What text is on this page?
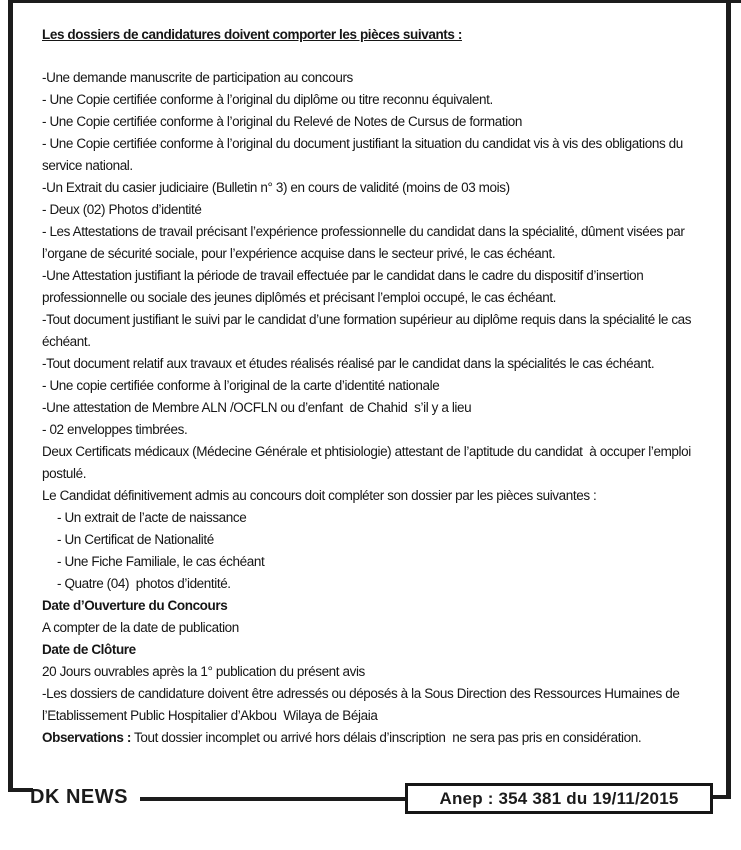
Les dossiers de candidatures doivent comporter les pièces suivants :

-Une demande manuscrite de participation au concours

- Une Copie certifiée conforme à l’original du diplôme ou titre reconnu équivalent.

- Une Copie certifiée conforme à l’original du Relevé de Notes de Cursus de formation

- Une Copie certifiée conforme à l’original du document justifiant la situation du candidat vis à vis des obligations du service national.

-Un Extrait du casier judiciaire (Bulletin n° 3) en cours de validité (moins de 03 mois)

- Deux (02) Photos d’identité

- Les Attestations de travail précisant l’expérience professionnelle du candidat dans la spécialité, dûment visées par l’organe de sécurité sociale, pour l’expérience acquise dans le secteur privé, le cas échéant.

-Une Attestation justifiant la période de travail effectuée par le candidat dans le cadre du dispositif d’insertion professionnelle ou sociale des jeunes diplômés et précisant l’emploi occupé, le cas échéant.

-Tout document justifiant le suivi par le candidat d’une formation supérieur au diplôme requis dans la spécialité le cas échéant.

-Tout document relatif aux travaux et études réalisés réalisé par le candidat dans la spécialités le cas échéant.

- Une copie certifiée conforme à l’original de la carte d’identité nationale

-Une attestation de Membre ALN /OCFLN ou d’enfant  de Chahid  s’il y a lieu

- 02 enveloppes timbrées.

Deux Certificats médicaux (Médecine Générale et phtisiologie) attestant de l’aptitude du candidat  à occuper l’emploi postulé.

Le Candidat définitivement admis au concours doit compléter son dossier par les pièces suivantes :

- Un extrait de l’acte de naissance

- Un Certificat de Nationalité

- Une Fiche Familiale, le cas échéant

- Quatre (04)  photos d’identité.

Date d’Ouverture du Concours

A compter de la date de publication

Date de Clôture

20 Jours ouvrables après la 1° publication du présent avis

-Les dossiers de candidature doivent être adressés ou déposés à la Sous Direction des Ressources Humaines de l’Etablissement Public Hospitalier d’Akbou  Wilaya de Béjaia

Observations : Tout dossier incomplet ou arrivé hors délais d’inscription  ne sera pas pris en considération.

DK NEWS	Anep : 354 381 du 19/11/2015
